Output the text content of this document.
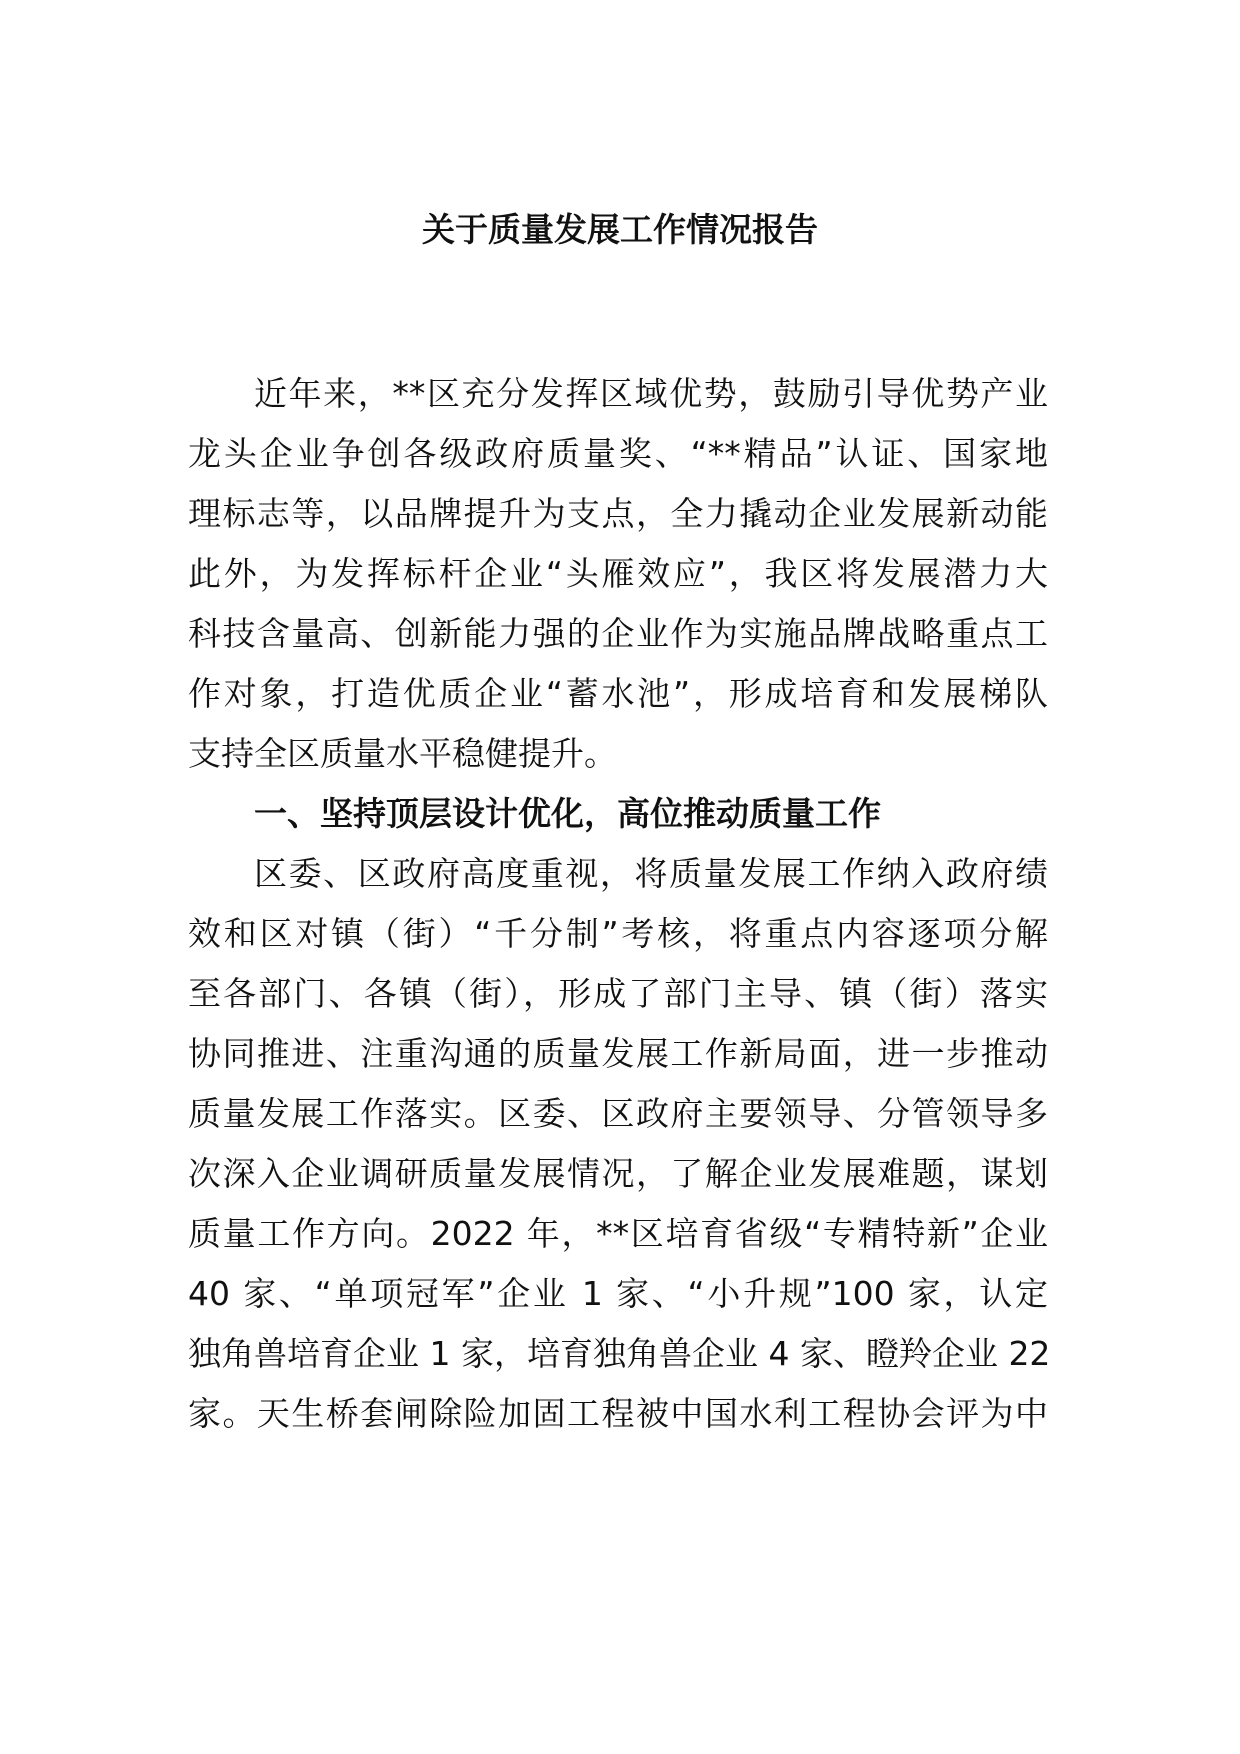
关于质量发展工作情况报告

近年来，**区充分发挥区域优势，鼓励引导优势产业

龙头企业争创各级政府质量奖、“**精品”认证、国家地

理标志等，以品牌提升为支点，全力撬动企业发展新动能

此外，为发挥标杆企业“头雁效应”，我区将发展潜力大

科技含量高、创新能力强的企业作为实施品牌战略重点工

作对象，打造优质企业“蓄水池”，形成培育和发展梯队

支持全区质量水平稳健提升。

一、坚持顶层设计优化，高位推动质量工作

区委、区政府高度重视，将质量发展工作纳入政府绩

效和区对镇（街）“千分制”考核，将重点内容逐项分解

至各部门、各镇（街），形成了部门主导、镇（街）落实

协同推进、注重沟通的质量发展工作新局面，进一步推动

质量发展工作落实。区委、区政府主要领导、分管领导多

次深入企业调研质量发展情况，了解企业发展难题，谋划

质量工作方向。2022 年，**区培育省级“专精特新”企业

40 家、“单项冠军”企业 1 家、“小升规”100 家，认定

独角兽培育企业 1 家，培育独角兽企业 4 家、瞪羚企业 22

家。天生桥套闸除险加固工程被中国水利工程协会评为中
